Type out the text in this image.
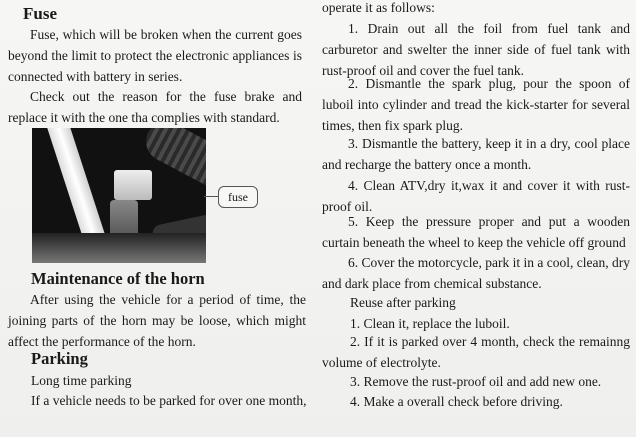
Fuse

Fuse, which will be broken when the current goes beyond the limit to protect the electronic appliances is connected with battery in series.

Check out the reason for the fuse brake and replace it with the one tha complies with standard.

fuse
Maintenance of the horn

After using the vehicle for a period of time, the joining parts of the horn may be loose, which might affect the performance of the horn.

Parking

Long time parking

If a vehicle needs to be parked for over one month,

operate it as follows:

1. Drain out all the foil from fuel tank and carburetor and swelter the inner side of fuel tank with rust-proof oil and cover the fuel tank.

2. Dismantle the spark plug, pour the spoon of luboil into cylinder and tread the kick-starter for several times, then fix spark plug.

3. Dismantle the battery, keep it in a dry, cool place and recharge the battery once a month.

4. Clean ATV,dry it,wax it and cover it with rust-proof oil.

5. Keep the pressure proper and put a wooden curtain beneath the wheel to keep the vehicle off ground

6. Cover the motorcycle, park it in a cool, clean, dry and dark place from chemical substance.

Reuse after parking

1. Clean it, replace the luboil.

2. If it is parked over 4 month, check the remainng volume of electrolyte.

3. Remove the rust-proof oil and add new one.

4. Make a overall check before driving.
